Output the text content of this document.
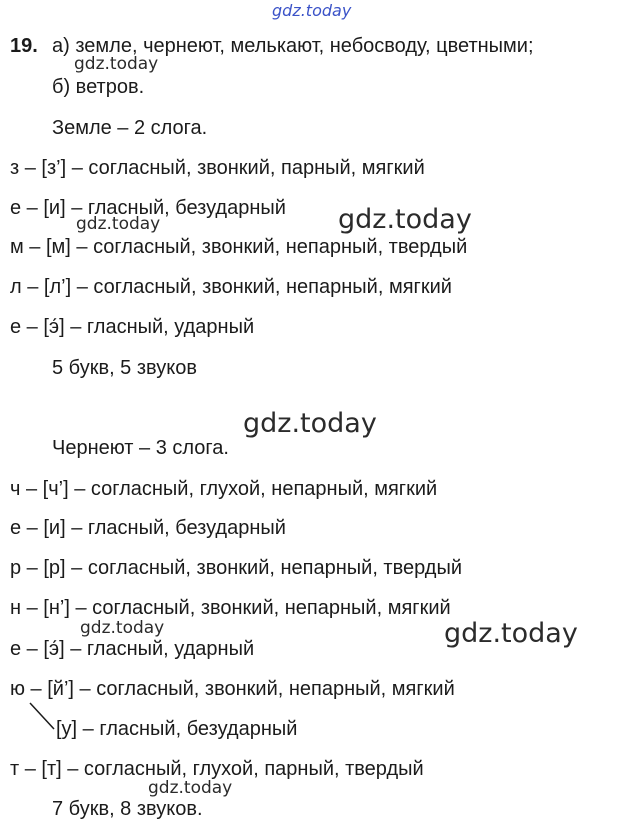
gdz.today
19. а) земле, чернеют, мелькают, небосводу, цветными;
gdz.today
б) ветров.
Земле – 2 слога.
з – [з’] – согласный, звонкий, парный, мягкий
е – [и] – гласный, безударный
gdz.today	gdz.today
м – [м] – согласный, звонкий, непарный, твердый
л – [л’] – согласный, звонкий, непарный, мягкий
е – [э́] – гласный, ударный
5 букв, 5 звуков
gdz.today
Чернеют – 3 слога.
ч – [ч’] – согласный, глухой, непарный, мягкий
е – [и] – гласный, безударный
р – [р] – согласный, звонкий, непарный, твердый
н – [н’] – согласный, звонкий, непарный, мягкий
gdz.today	gdz.today
е – [э́] – гласный, ударный
ю – [й’] – согласный, звонкий, непарный, мягкий
[у] – гласный, безударный
т – [т] – согласный, глухой, парный, твердый
gdz.today
7 букв, 8 звуков.
